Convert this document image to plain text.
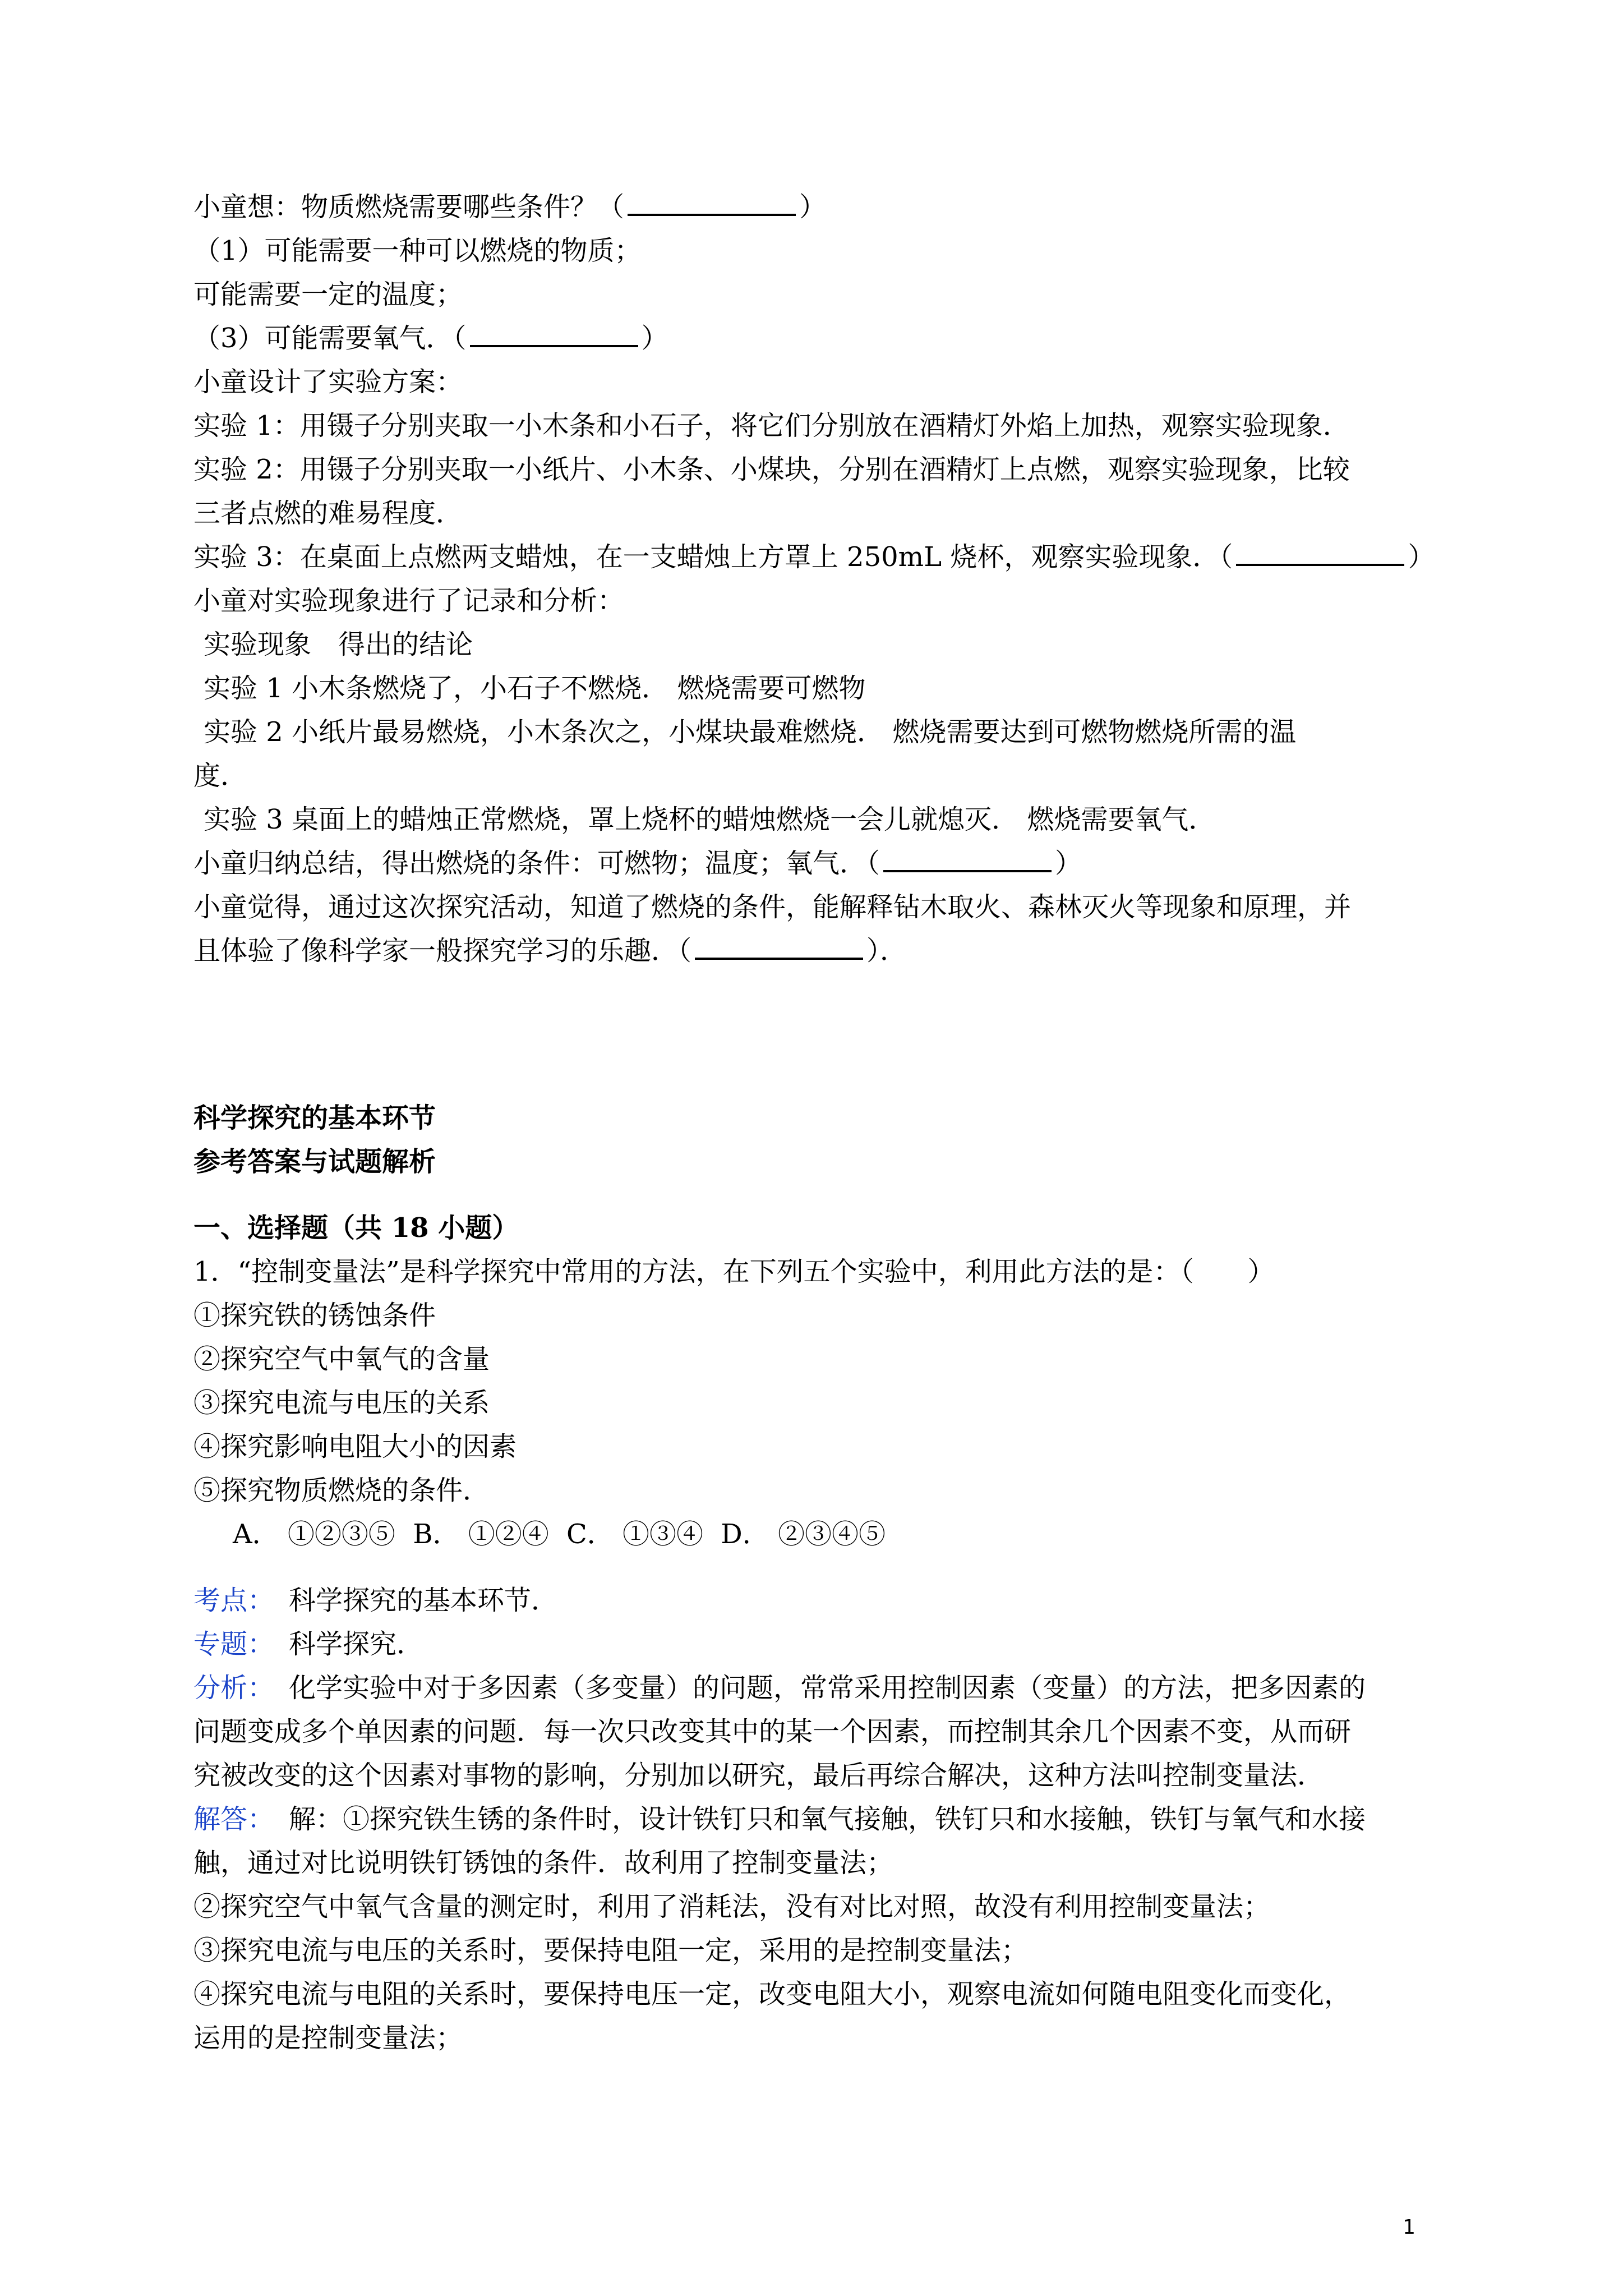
小童想：物质燃烧需要哪些条件？（	）
（1）可能需要一种可以燃烧的物质；
可能需要一定的温度；
（3）可能需要氧气．（	）
小童设计了实验方案：
实验 1：用镊子分别夹取一小木条和小石子，将它们分别放在酒精灯外焰上加热，观察实验现象．
实验 2：用镊子分别夹取一小纸片、小木条、小煤块，分别在酒精灯上点燃，观察实验现象，比较
三者点燃的难易程度．
实验 3：在桌面上点燃两支蜡烛，在一支蜡烛上方罩上 250mL 烧杯，观察实验现象．（	）
小童对实验现象进行了记录和分析：
实验现象　得出的结论
实验 1 小木条燃烧了，小石子不燃烧． 燃烧需要可燃物
实验 2 小纸片最易燃烧，小木条次之，小煤块最难燃烧． 燃烧需要达到可燃物燃烧所需的温
度．
实验 3 桌面上的蜡烛正常燃烧，罩上烧杯的蜡烛燃烧一会儿就熄灭． 燃烧需要氧气．
小童归纳总结，得出燃烧的条件：可燃物；温度；氧气．（	）
小童觉得，通过这次探究活动，知道了燃烧的条件，能解释钻木取火、森林灭火等现象和原理，并
且体验了像科学家一般探究学习的乐趣．（	）．
科学探究的基本环节
参考答案与试题解析
一、选择题（共 18 小题）
1．“控制变量法”是科学探究中常用的方法，在下列五个实验中，利用此方法的是：（　　）
①探究铁的锈蚀条件
②探究空气中氧气的含量
③探究电流与电压的关系
④探究影响电阻大小的因素
⑤探究物质燃烧的条件．
A． ①②③⑤ B． ①②④ C． ①③④ D． ②③④⑤
考点： 科学探究的基本环节．
专题： 科学探究．
分析： 化学实验中对于多因素（多变量）的问题，常常采用控制因素（变量）的方法，把多因素的
问题变成多个单因素的问题．每一次只改变其中的某一个因素，而控制其余几个因素不变，从而研
究被改变的这个因素对事物的影响，分别加以研究，最后再综合解决，这种方法叫控制变量法．
解答： 解：①探究铁生锈的条件时，设计铁钉只和氧气接触，铁钉只和水接触，铁钉与氧气和水接
触，通过对比说明铁钉锈蚀的条件．故利用了控制变量法；
②探究空气中氧气含量的测定时，利用了消耗法，没有对比对照，故没有利用控制变量法；
③探究电流与电压的关系时，要保持电阻一定，采用的是控制变量法；
④探究电流与电阻的关系时，要保持电压一定，改变电阻大小，观察电流如何随电阻变化而变化，
运用的是控制变量法；
1
